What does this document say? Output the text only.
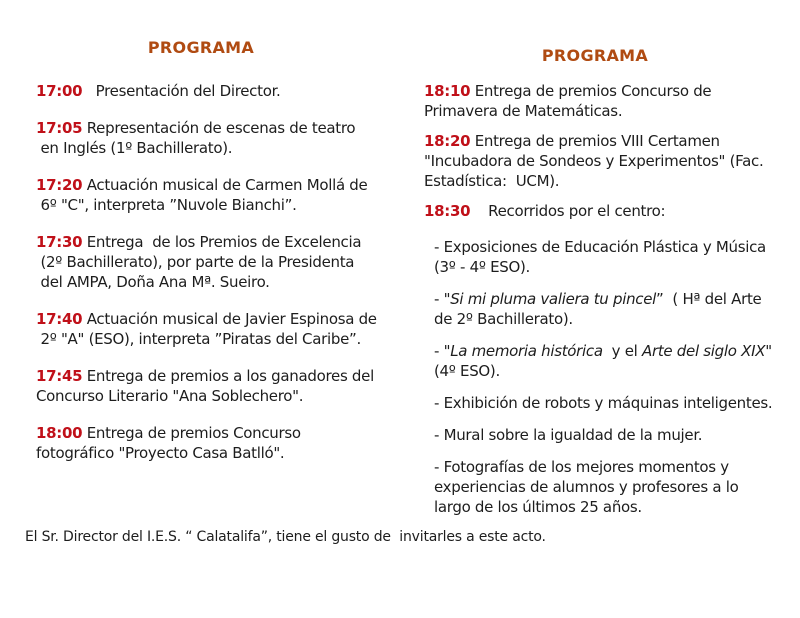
PROGRAMA

17:00   Presentación del Director.

17:05 Representación de escenas de teatro
en Inglés (1º Bachillerato).

17:20 Actuación musical de Carmen Mollá de
6º "C", interpreta ”Nuvole Bianchi”.

17:30 Entrega  de los Premios de Excelencia
(2º Bachillerato), por parte de la Presidenta
del AMPA, Doña Ana Mª. Sueiro.

17:40 Actuación musical de Javier Espinosa de
2º "A" (ESO), interpreta ”Piratas del Caribe”.

17:45 Entrega de premios a los ganadores del
Concurso Literario "Ana Soblechero".

18:00 Entrega de premios Concurso
fotográfico "Proyecto Casa Batlló".

PROGRAMA

18:10 Entrega de premios Concurso de
Primavera de Matemáticas.

18:20 Entrega de premios VIII Certamen
"Incubadora de Sondeos y Experimentos" (Fac.
Estadística:  UCM).

18:30    Recorridos por el centro:

- Exposiciones de Educación Plástica y Música
(3º - 4º ESO).

- "Si mi pluma valiera tu pincel”  ( Hª del Arte
de 2º Bachillerato).

- "La memoria histórica  y el Arte del siglo XIX"
(4º ESO).

- Exhibición de robots y máquinas inteligentes.

- Mural sobre la igualdad de la mujer.

- Fotografías de los mejores momentos y
experiencias de alumnos y profesores a lo
largo de los últimos 25 años.

El Sr. Director del I.E.S. “ Calatalifa”, tiene el gusto de  invitarles a este acto.
